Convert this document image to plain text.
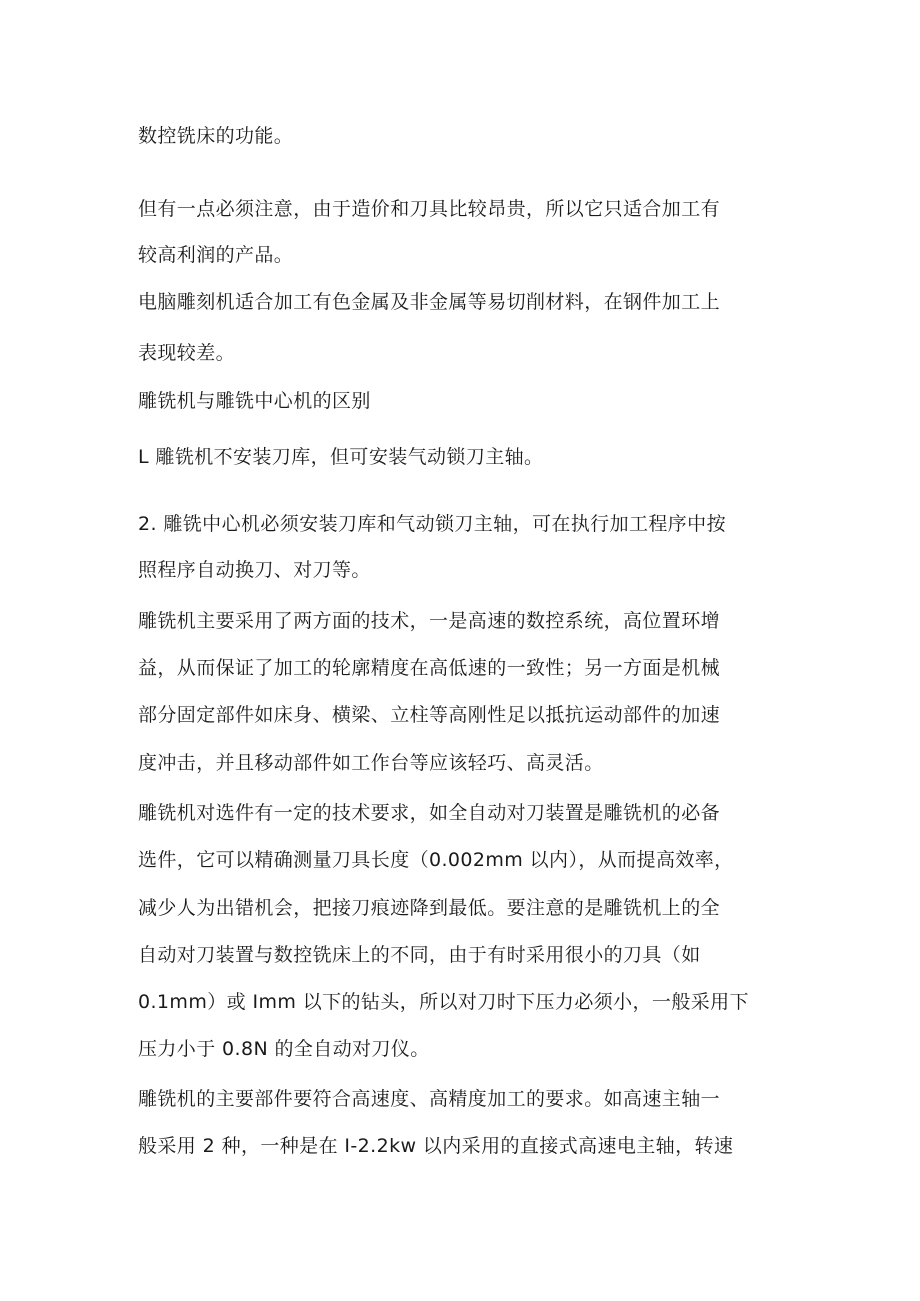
数控铣床的功能。
但有一点必须注意，由于造价和刀具比较昂贵，所以它只适合加工有
较高利润的产品。
电脑雕刻机适合加工有色金属及非金属等易切削材料，在钢件加工上
表现较差。
雕铣机与雕铣中心机的区别
L 雕铣机不安装刀库，但可安装气动锁刀主轴。
2. 雕铣中心机必须安装刀库和气动锁刀主轴，可在执行加工程序中按
照程序自动换刀、对刀等。
雕铣机主要采用了两方面的技术，一是高速的数控系统，高位置环增
益，从而保证了加工的轮廓精度在高低速的一致性；另一方面是机械
部分固定部件如床身、横梁、立柱等高刚性足以抵抗运动部件的加速
度冲击，并且移动部件如工作台等应该轻巧、高灵活。
雕铣机对选件有一定的技术要求，如全自动对刀装置是雕铣机的必备
选件，它可以精确测量刀具长度（0.002mm 以内），从而提高效率，
减少人为出错机会，把接刀痕迹降到最低。要注意的是雕铣机上的全
自动对刀装置与数控铣床上的不同，由于有时采用很小的刀具（如
0.1mm）或 Imm 以下的钻头，所以对刀时下压力必须小，一般采用下
压力小于 0.8N 的全自动对刀仪。
雕铣机的主要部件要符合高速度、高精度加工的要求。如高速主轴一
般采用 2 种，一种是在 I-2.2kw 以内采用的直接式高速电主轴，转速
